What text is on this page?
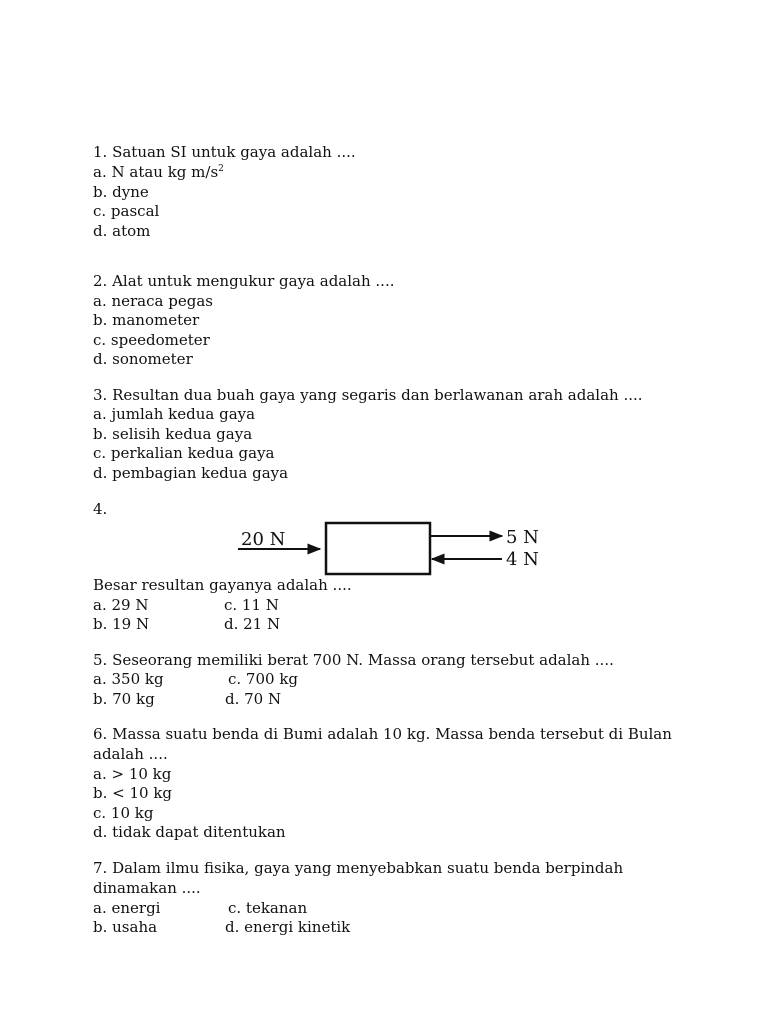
1. Satuan SI untuk gaya adalah ....
a. N atau kg $m/s^2$
b. dyne
c. pascal
d. atom
2. Alat untuk mengukur gaya adalah ....
a. neraca pegas
b. manometer
c. speedometer
d. sonometer
3. Resultan dua buah gaya yang segaris dan berlawanan arah adalah ....
a. jumlah kedua gaya
b. selisih kedua gaya
c. perkalian kedua gaya
d. pembagian kedua gaya
4.
20 N	5 N
4 N
Besar resultan gayanya adalah ....
a. 29 N	c. 11 N
b. 19 N	d. 21 N
5. Seseorang memiliki berat 700 N. Massa orang tersebut adalah ....
a. 350 kg	c. 700 kg
b. 70 kg	d. 70 N
6. Massa suatu benda di Bumi adalah 10 kg. Massa benda tersebut di Bulan
adalah ....
a. > 10 kg
b. < 10 kg
c. 10 kg
d. tidak dapat ditentukan
7. Dalam ilmu fisika, gaya yang menyebabkan suatu benda berpindah
dinamakan ....
a. energi	c. tekanan
b. usaha	d. energi kinetik
